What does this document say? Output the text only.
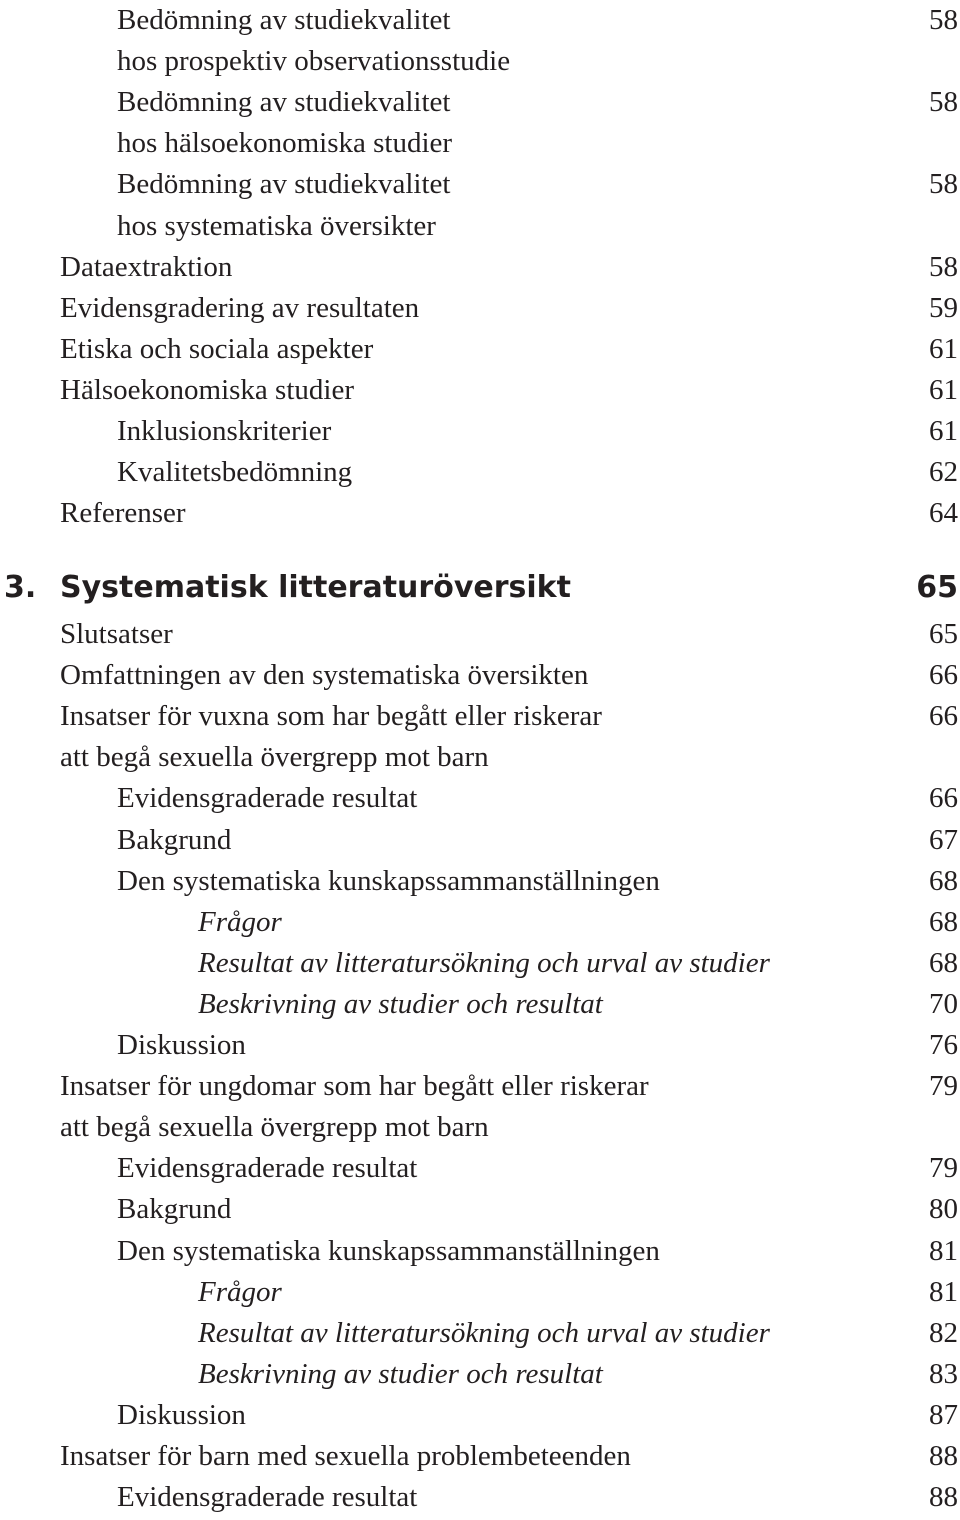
Bedömning av studiekvalitet	58
hos prospektiv observationsstudie
Bedömning av studiekvalitet	58
hos hälsoekonomiska studier
Bedömning av studiekvalitet	58
hos systematiska översikter
Dataextraktion	58
Evidensgradering av resultaten	59
Etiska och sociala aspekter	61
Hälsoekonomiska studier	61
Inklusionskriterier	61
Kvalitetsbedömning	62
Referenser	64
3. Systematisk litteraturöversikt	65
Slutsatser	65
Omfattningen av den systematiska översikten	66
Insatser för vuxna som har begått eller riskerar	66
att begå sexuella övergrepp mot barn
Evidensgraderade resultat	66
Bakgrund	67
Den systematiska kunskapssammanställningen	68
Frågor	68
Resultat av litteratursökning och urval av studier	68
Beskrivning av studier och resultat	70
Diskussion	76
Insatser för ungdomar som har begått eller riskerar	79
att begå sexuella övergrepp mot barn
Evidensgraderade resultat	79
Bakgrund	80
Den systematiska kunskapssammanställningen	81
Frågor	81
Resultat av litteratursökning och urval av studier	82
Beskrivning av studier och resultat	83
Diskussion	87
Insatser för barn med sexuella problembeteenden	88
Evidensgraderade resultat	88
